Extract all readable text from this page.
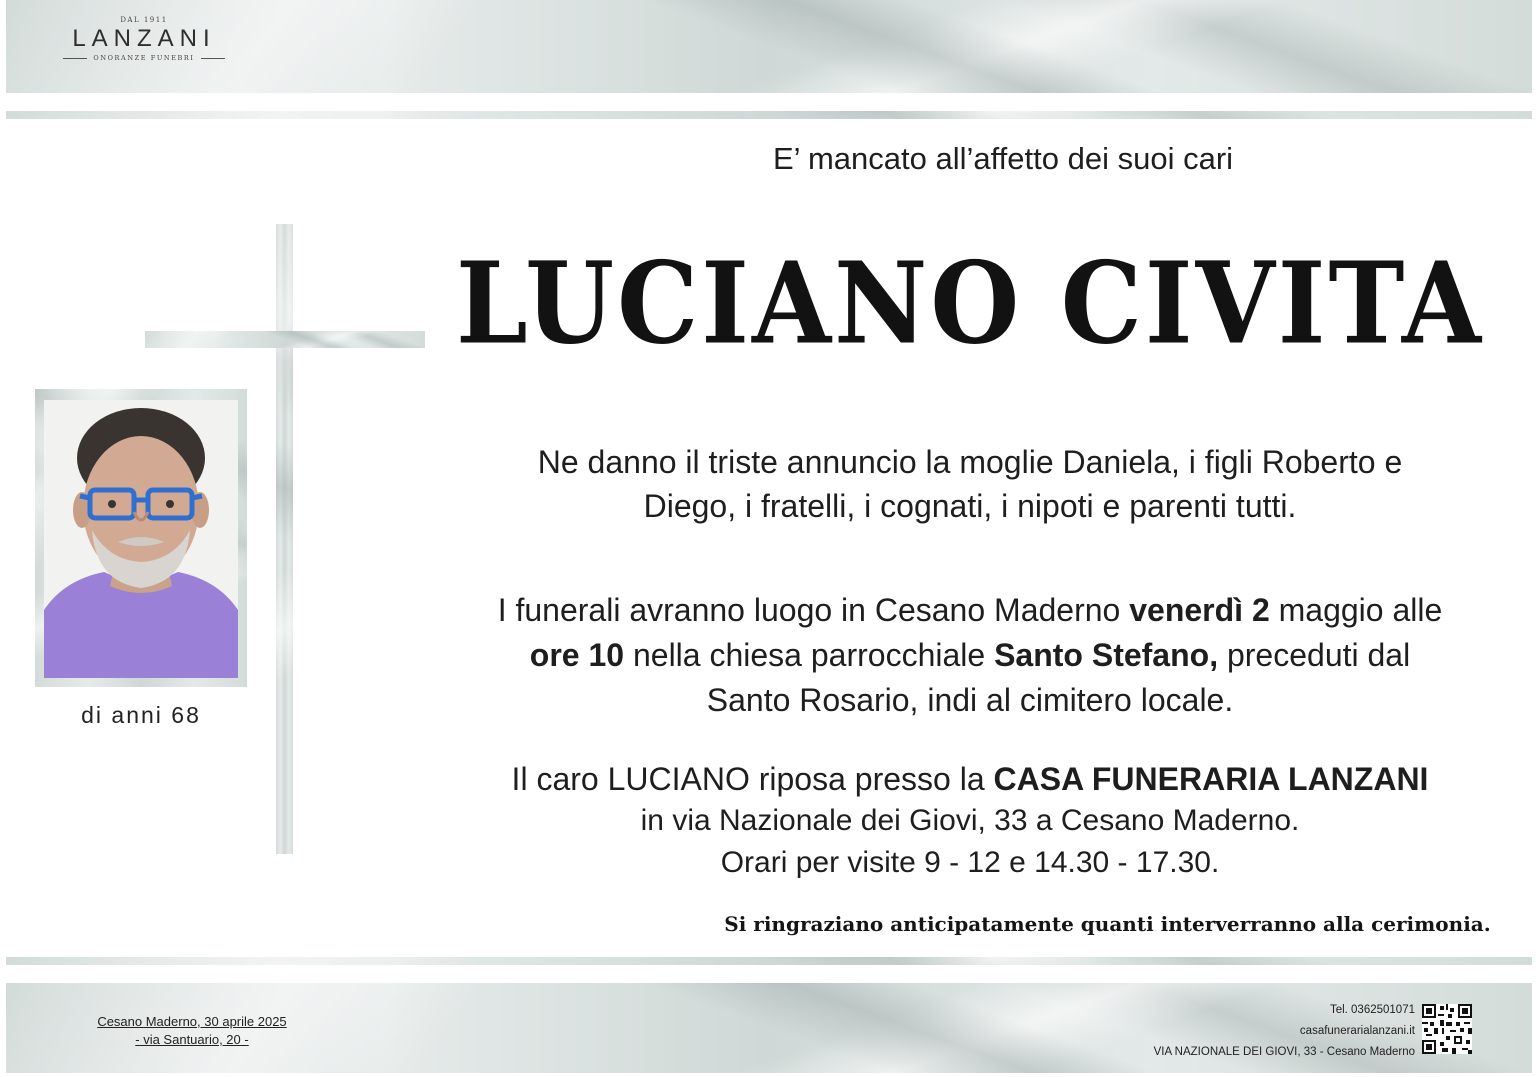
DAL 1911
LANZANI
ONORANZE FUNEBRI
di anni 68
E’ mancato all’affetto dei suoi cari
LUCIANO CIVITA
Ne danno il triste annuncio la moglie Daniela, i figli Roberto e
Diego, i fratelli, i cognati, i nipoti e parenti tutti.
I funerali avranno luogo in Cesano Maderno venerdì 2 maggio alle
ore 10 nella chiesa parrocchiale Santo Stefano, preceduti dal
Santo Rosario, indi al cimitero locale.
Il caro LUCIANO riposa presso la CASA FUNERARIA LANZANI
in via Nazionale dei Giovi, 33 a Cesano Maderno.
Orari per visite 9 - 12 e 14.30 - 17.30.
Si ringraziano anticipatamente quanti interverranno alla cerimonia.
Cesano Maderno, 30 aprile 2025
- via Santuario, 20 -
Tel. 0362501071
casafunerarialanzani.it
VIA NAZIONALE DEI GIOVI, 33 - Cesano Maderno
